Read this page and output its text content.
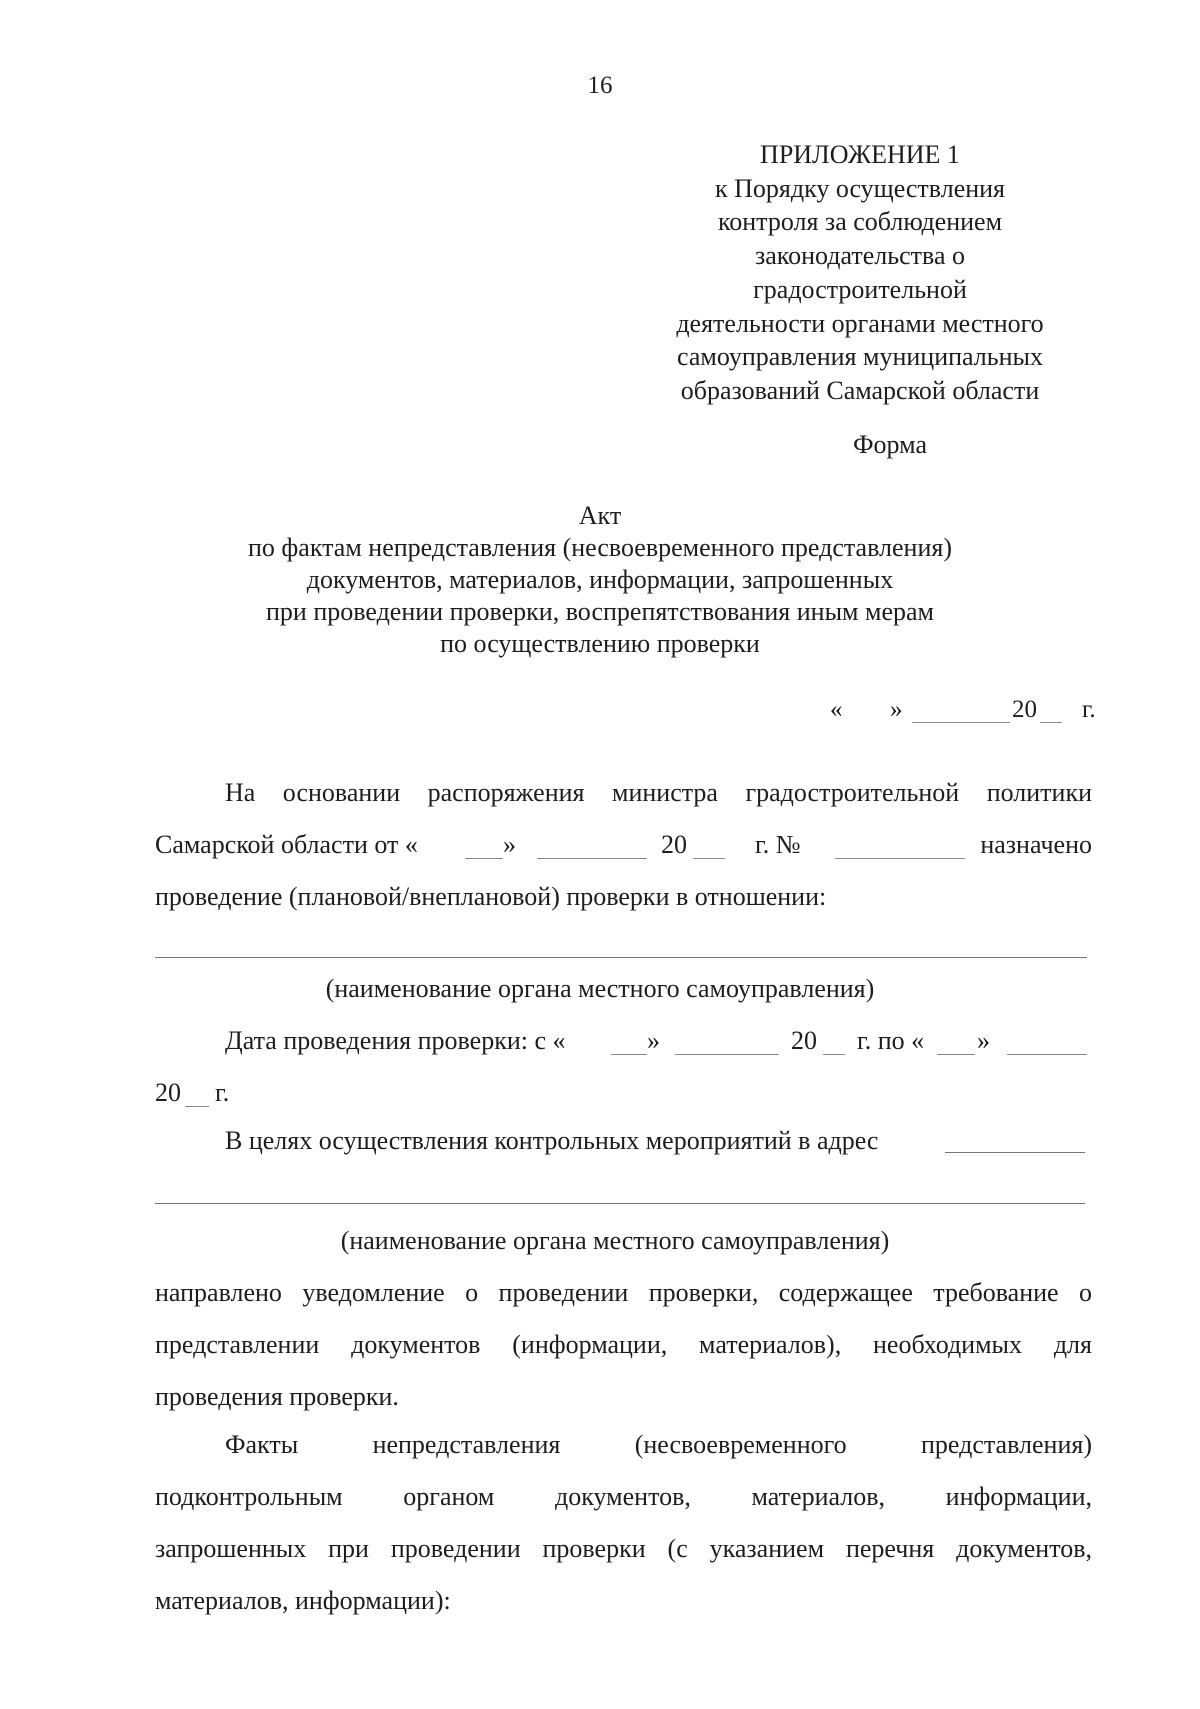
16
ПРИЛОЖЕНИЕ 1
к Порядку осуществления
контроля за соблюдением
законодательства о
градостроительной
деятельности органами местного
самоуправления муниципальных
образований Самарской области
Форма
Акт
по фактам непредставления (несвоевременного представления)
документов, материалов, информации, запрошенных
при проведении проверки, воспрепятствования иным мерам
по осуществлению проверки
« »	20 г.
На основании распоряжения министра градостроительной политики
Самарской области от «	»	20	г. №	назначено
проведение (плановой/внеплановой) проверки в отношении:
(наименование органа местного самоуправления)
Дата проведения проверки: с «	»	20 г. по « »
20 г.
В целях осуществления контрольных мероприятий в адрес
(наименование органа местного самоуправления)
направлено уведомление о проведении проверки, содержащее требование о
представлении документов (информации, материалов), необходимых для
проведения проверки.
Факты непредставления (несвоевременного представления)
подконтрольным органом документов, материалов, информации,
запрошенных при проведении проверки (с указанием перечня документов,
материалов, информации):
